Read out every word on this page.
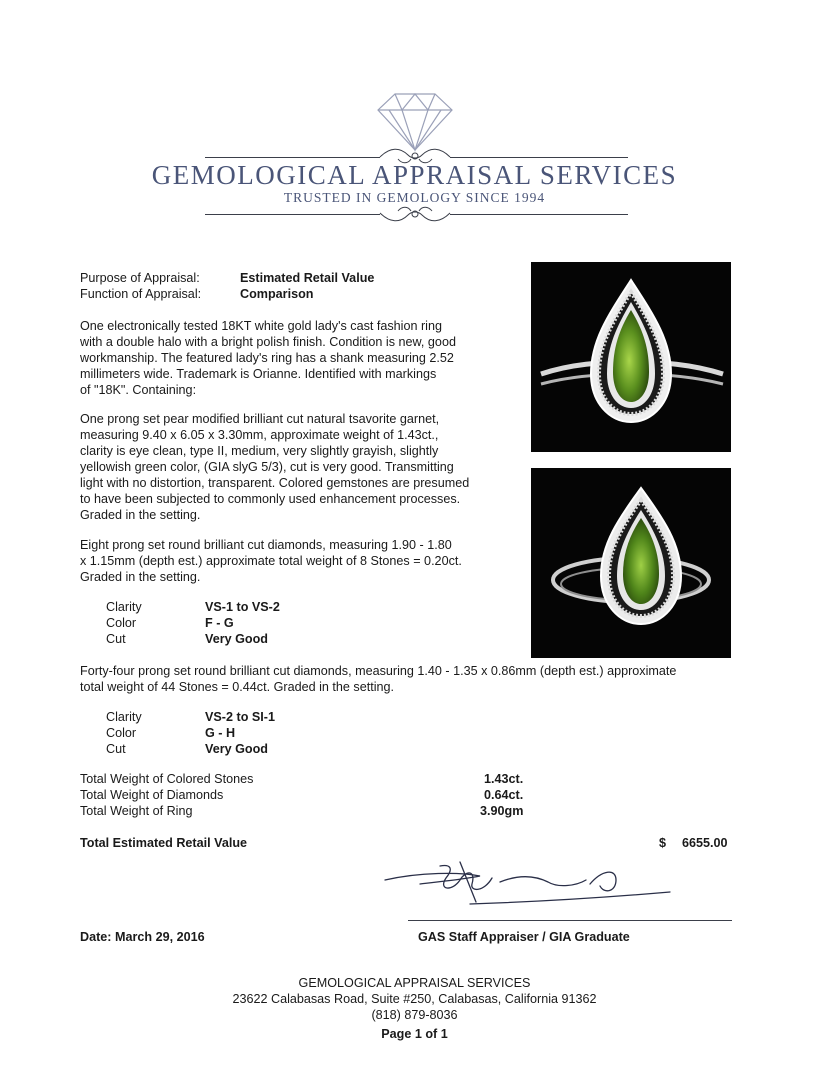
GEMOLOGICAL APPRAISAL SERVICES
TRUSTED IN GEMOLOGY SINCE 1994
Purpose of Appraisal:	Estimated Retail Value
Function of Appraisal:	Comparison
One electronically tested 18KT white gold lady's cast fashion ring
with a double halo with a bright polish finish. Condition is new, good
workmanship. The featured lady's ring has a shank measuring 2.52
millimeters wide. Trademark is Orianne. Identified with markings
of "18K". Containing:
One prong set pear modified brilliant cut natural tsavorite garnet,
measuring 9.40 x 6.05 x 3.30mm, approximate weight of 1.43ct.,
clarity is eye clean, type II, medium, very slightly grayish, slightly
yellowish green color, (GIA slyG 5/3), cut is very good. Transmitting
light with no distortion, transparent. Colored gemstones are presumed
to have been subjected to commonly used enhancement processes.
Graded in the setting.
Eight prong set round brilliant cut diamonds, measuring 1.90 - 1.80
x 1.15mm (depth est.) approximate total weight of 8 Stones = 0.20ct.
Graded in the setting.
Clarity	VS-1 to VS-2
Color	F - G
Cut	Very Good
Forty-four prong set round brilliant cut diamonds, measuring 1.40 - 1.35 x 0.86mm (depth est.) approximate
total weight of 44 Stones = 0.44ct. Graded in the setting.
Clarity	VS-2 to SI-1
Color	G - H
Cut	Very Good
Total Weight of Colored Stones	1.43ct.
Total Weight of Diamonds	0.64ct.
Total Weight of Ring	3.90gm
Total Estimated Retail Value	$ 6655.00
Date: March 29, 2016	GAS Staff Appraiser / GIA Graduate
GEMOLOGICAL APPRAISAL SERVICES
23622 Calabasas Road, Suite #250, Calabasas, California 91362
(818) 879-8036
Page 1 of 1
